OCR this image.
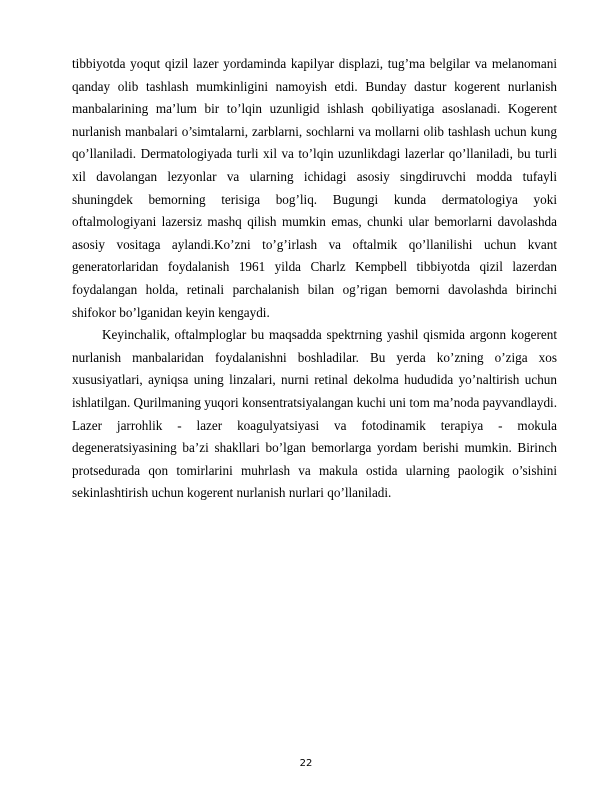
tibbiyotda yoqut qizil lazer yordaminda kapilyar displazi, tug’ma belgilar va melanomani qanday olib tashlash mumkinligini namoyish etdi. Bunday dastur kogerent nurlanish manbalarining ma’lum bir to’lqin uzunligid ishlash qobiliyatiga asoslanadi. Kogerent nurlanish manbalari o’simtalarni, zarblarni, sochlarni va mollarni olib tashlash uchun kung qo’llaniladi. Dermatologiyada turli xil va to’lqin uzunlikdagi lazerlar qo’llaniladi, bu turli xil davolangan lezyonlar va ularning ichidagi asosiy singdiruvchi modda tufayli shuningdek bemorning terisiga bog’liq. Bugungi kunda dermatologiya yoki oftalmologiyani lazersiz mashq qilish mumkin emas, chunki ular bemorlarni davolashda asosiy vositaga aylandi.Ko’zni to’g’irlash va oftalmik qo’llanilishi uchun kvant generatorlaridan foydalanish 1961 yilda Charlz Kempbell tibbiyotda qizil lazerdan foydalangan holda, retinali parchalanish bilan og’rigan bemorni davolashda birinchi shifokor bo’lganidan keyin kengaydi.

Keyinchalik, oftalmploglar bu maqsadda spektrning yashil qismida argonn kogerent nurlanish manbalaridan foydalanishni boshladilar. Bu yerda ko’zning o’ziga xos xususiyatlari, ayniqsa uning linzalari, nurni retinal dekolma hududida yo’naltirish uchun ishlatilgan. Qurilmaning yuqori konsentratsiyalangan kuchi uni tom ma’noda payvandlaydi. Lazer jarrohlik - lazer koagulyatsiyasi va fotodinamik terapiya - mokula degeneratsiyasining ba’zi shakllari bo’lgan bemorlarga yordam berishi mumkin. Birinch protsedurada qon tomirlarini muhrlash va makula ostida ularning paologik o’sishini sekinlashtirish uchun kogerent nurlanish nurlari qo’llaniladi.

22
